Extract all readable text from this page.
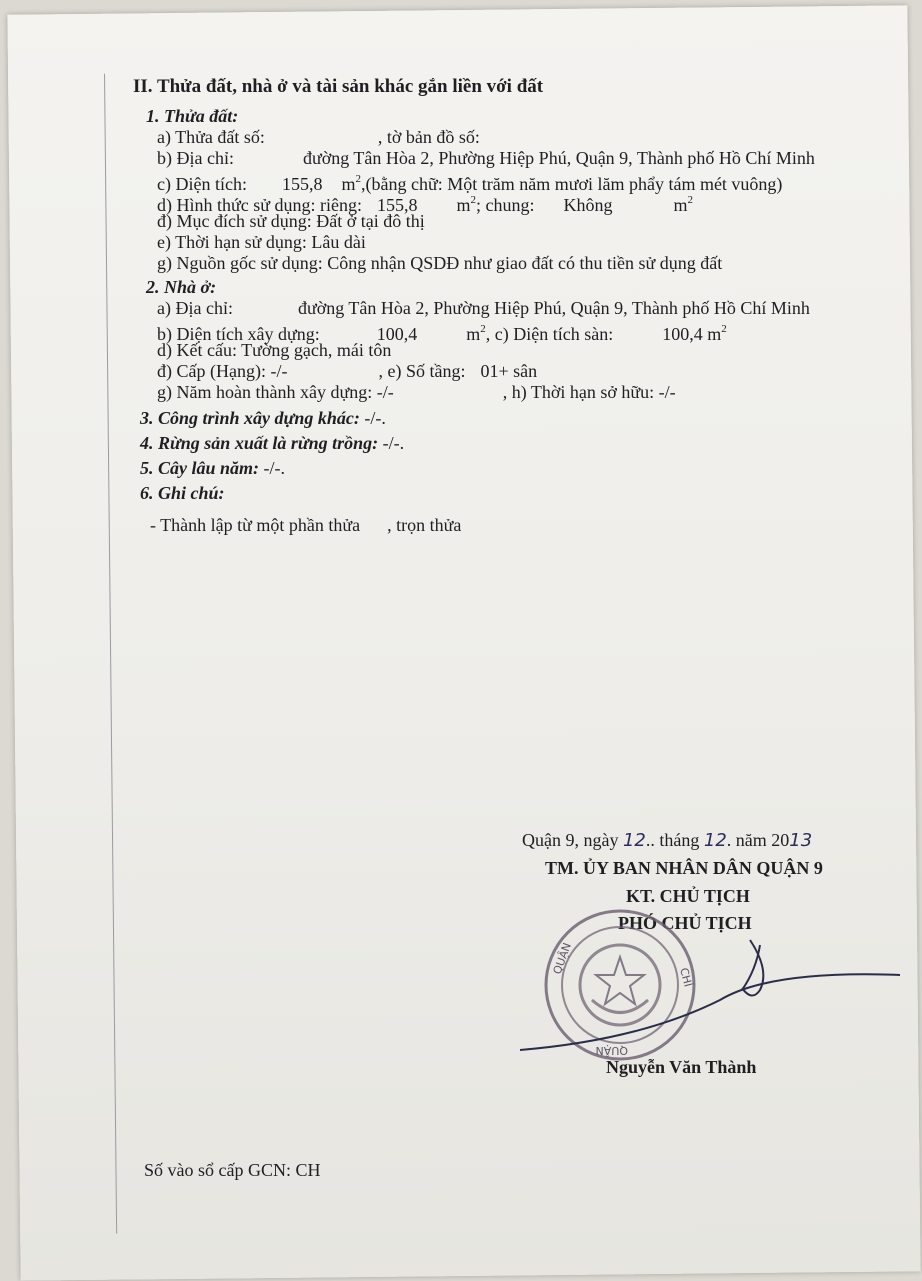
II. Thửa đất, nhà ở và tài sản khác gắn liền với đất
1. Thửa đất:
a) Thửa đất số:	, tờ bản đồ số:
b) Địa chỉ:	đường Tân Hòa 2, Phường Hiệp Phú, Quận 9, Thành phố Hồ Chí Minh
c) Diện tích: 155,8 $m^2,(bằng$ chữ: Một trăm năm mươi lăm phẩy tám mét vuông)
d) Hình thức sử dụng: riêng: 155,8 $m^2$; chung: Không	$m^2$
đ) Mục đích sử dụng: Đất ở tại đô thị
e) Thời hạn sử dụng: Lâu dài
g) Nguồn gốc sử dụng: Công nhận QSDĐ như giao đất có thu tiền sử dụng đất
2. Nhà ở:
a) Địa chỉ:	đường Tân Hòa 2, Phường Hiệp Phú, Quận 9, Thành phố Hồ Chí Minh
b) Diện tích xây dựng:	100,4	$m^2$, c) Diện tích sàn:	100,4 $m^2$
d) Kết cấu: Tường gạch, mái tôn
đ) Cấp (Hạng): -/-	, e) Số tầng: 01+ sân
g) Năm hoàn thành xây dựng: -/-	, h) Thời hạn sở hữu: -/-
3. Công trình xây dựng khác: -/-.
4. Rừng sản xuất là rừng trồng: -/-.
5. Cây lâu năm: -/-.
6. Ghi chú:
- Thành lập từ một phần thửa , trọn thửa
Quận 9, ngày 12.. tháng 12. năm 2013
TM. ỦY BAN NHÂN DÂN QUẬN 9
KT. CHỦ TỊCH
PHÓ CHỦ TỊCH
QUẬN
CHÍ
QUẬN
Nguyễn Văn Thành
Số vào sổ cấp GCN: CH
